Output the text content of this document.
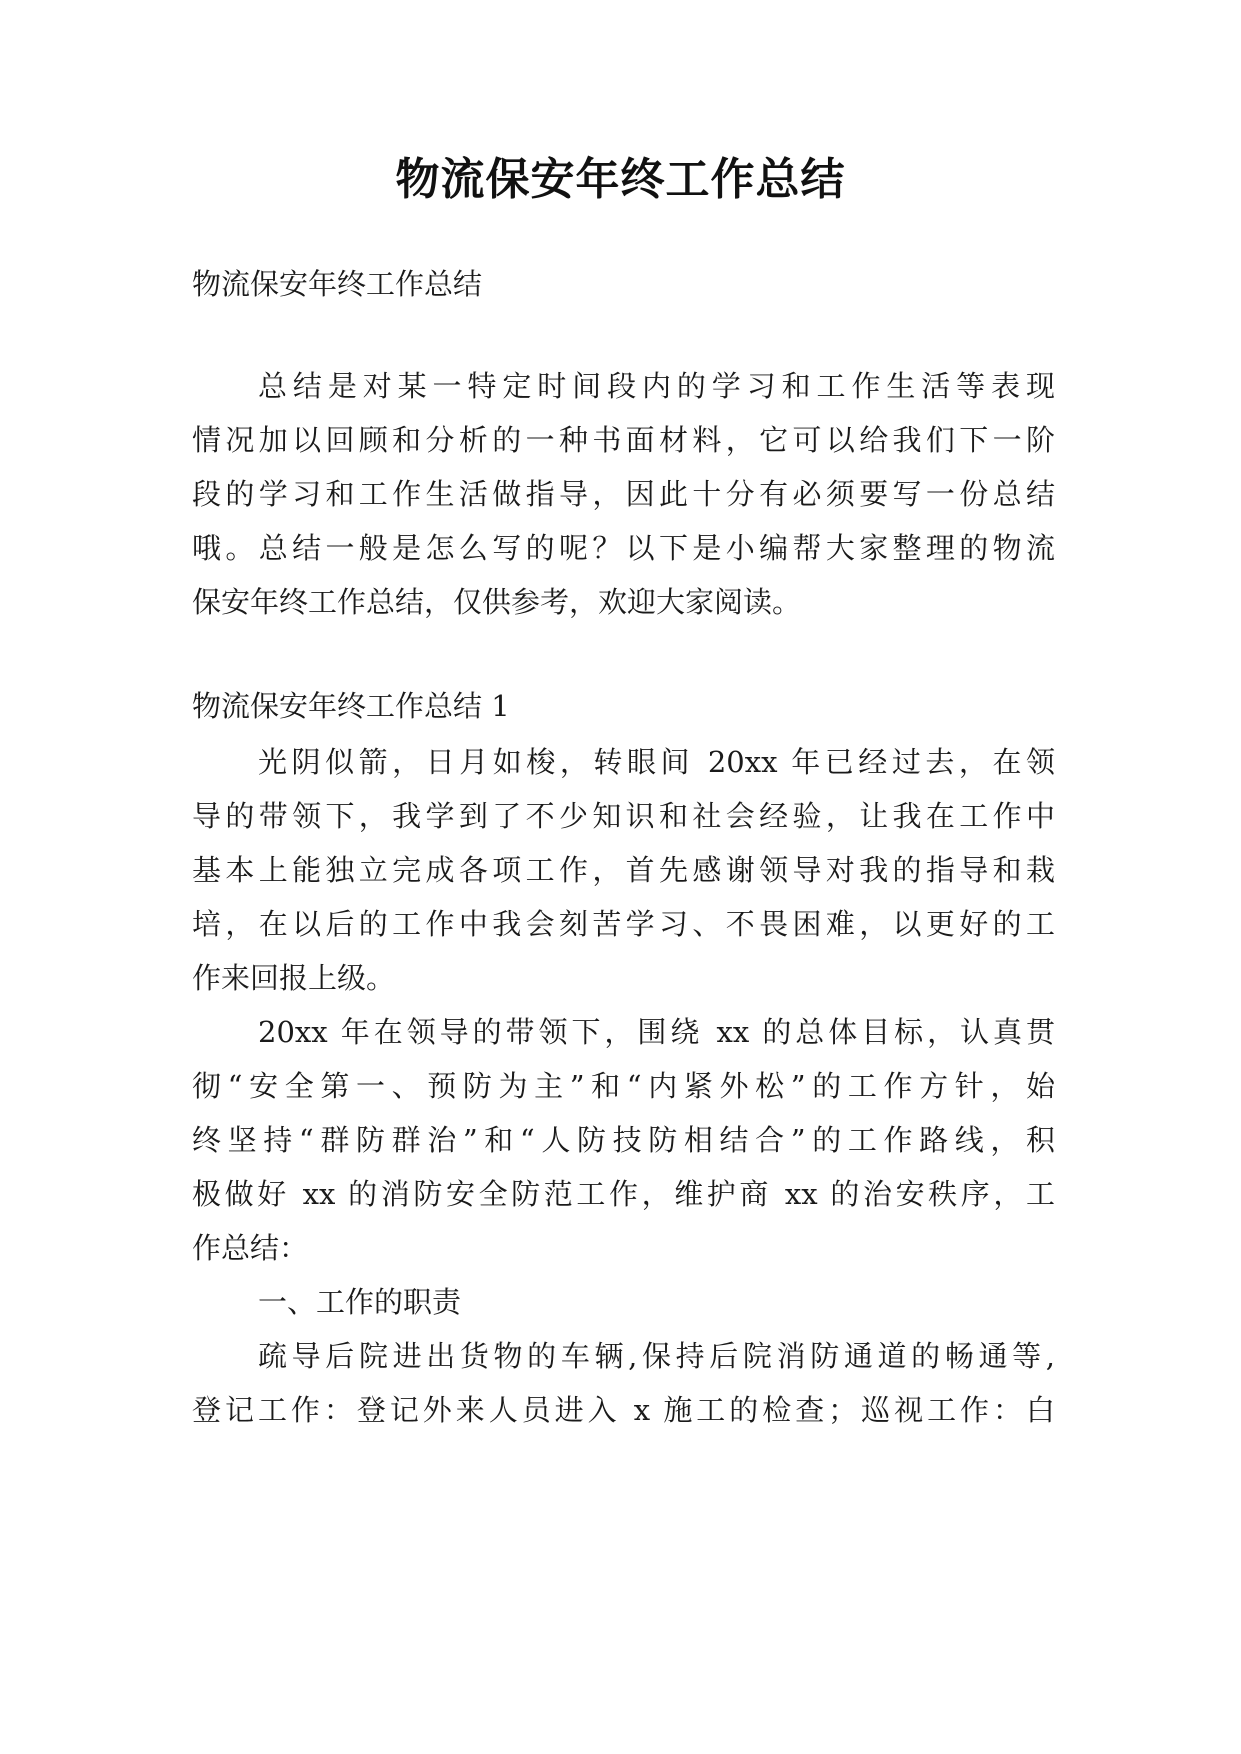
物流保安年终工作总结
物流保安年终工作总结
总结是对某一特定时间段内的学习和工作生活等表现
情况加以回顾和分析的一种书面材料，它可以给我们下一阶
段的学习和工作生活做指导，因此十分有必须要写一份总结
哦。总结一般是怎么写的呢？以下是小编帮大家整理的物流
保安年终工作总结，仅供参考，欢迎大家阅读。
物流保安年终工作总结 1
光阴似箭，日月如梭，转眼间 20xx 年已经过去，在领
导的带领下，我学到了不少知识和社会经验，让我在工作中
基本上能独立完成各项工作，首先感谢领导对我的指导和栽
培，在以后的工作中我会刻苦学习、不畏困难，以更好的工
作来回报上级。
20xx 年在领导的带领下，围绕 xx 的总体目标，认真贯
彻“安全第一、预防为主”和“内紧外松”的工作方针，始
终坚持“群防群治”和“人防技防相结合”的工作路线，积
极做好 xx 的消防安全防范工作，维护商 xx 的治安秩序，工
作总结：
一、工作的职责
疏导后院进出货物的车辆,保持后院消防通道的畅通等,
登记工作：登记外来人员进入 x 施工的检查；巡视工作：白
